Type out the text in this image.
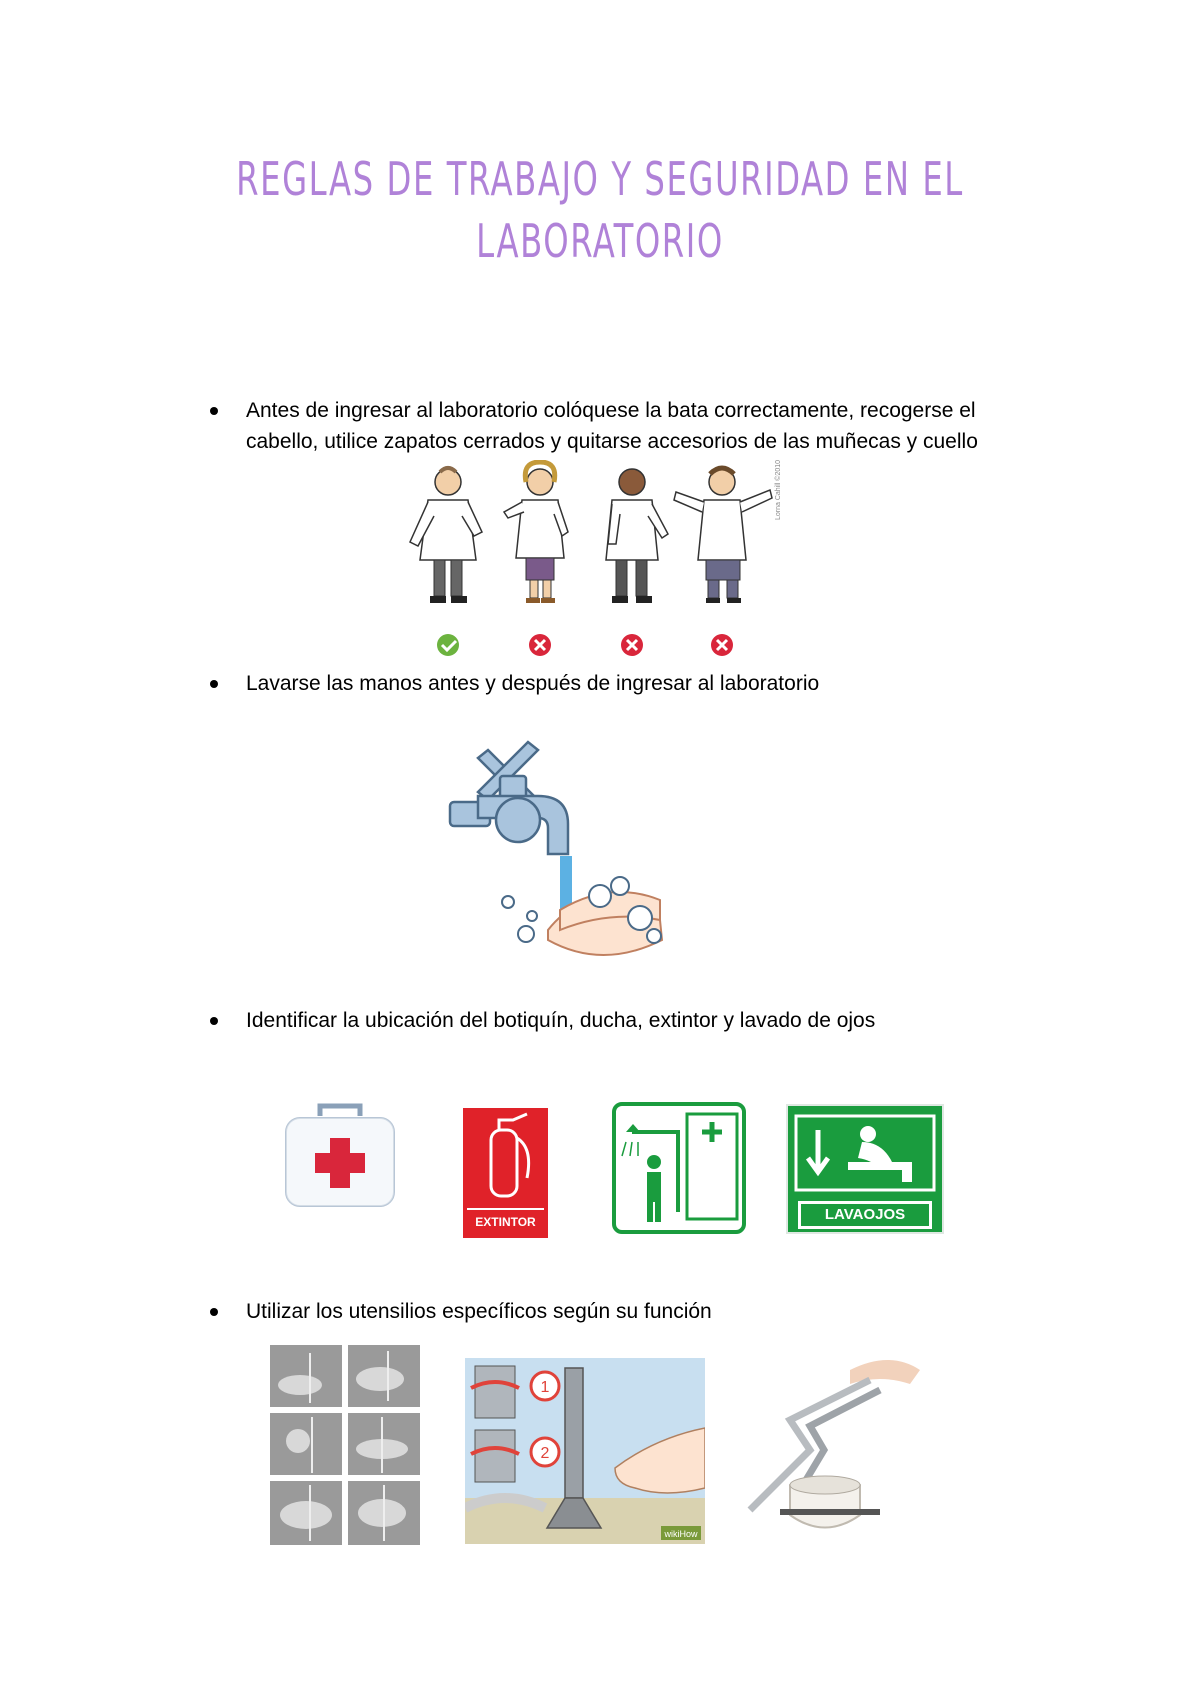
REGLAS DE TRABAJO Y SEGURIDAD EN EL
LABORATORIO
Antes de ingresar al laboratorio colóquese la bata correctamente, recogerse el
cabello, utilice zapatos cerrados y quitarse accesorios de las muñecas y cuello
Lorna Cahill ©2010
Lavarse las manos antes y después de ingresar al laboratorio
Identificar la ubicación del botiquín, ducha, extintor y lavado de ojos
EXTINTOR	LAVAOJOS
Utilizar los utensilios específicos según su función
1
2
wikiHow
